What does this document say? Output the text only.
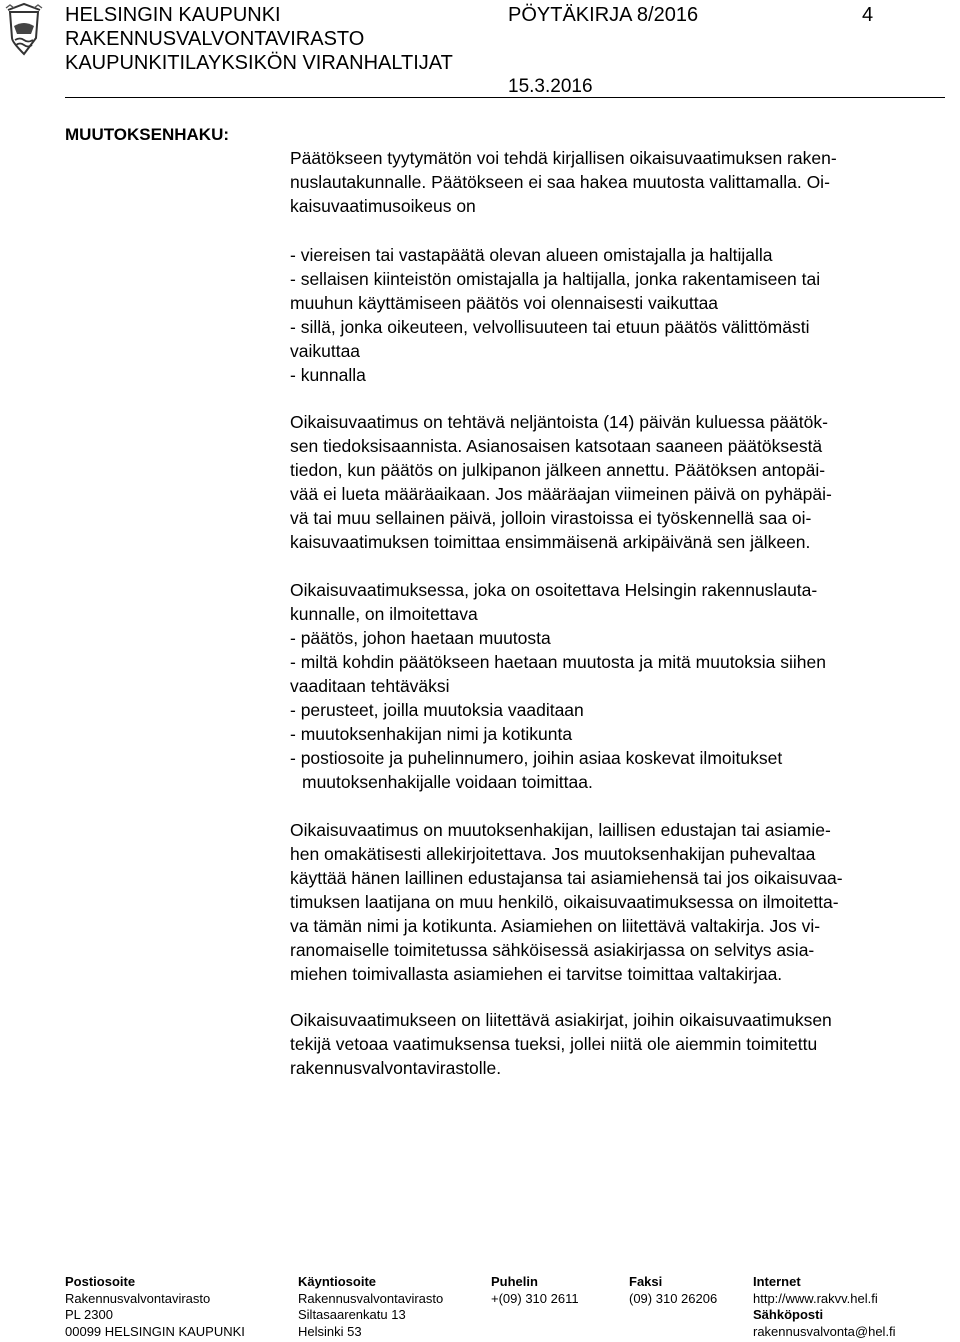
HELSINGIN KAUPUNKI
RAKENNUSVALVONTAVIRASTO
KAUPUNKITILAYKSIKÖN VIRANHALTIJAT
PÖYTÄKIRJA 8/2016	4
15.3.2016
MUUTOKSENHAKU:
Päätökseen tyytymätön voi tehdä kirjallisen oikaisuvaatimuksen raken-
nuslautakunnalle. Päätökseen ei saa hakea muutosta valittamalla. Oi-
kaisuvaatimusoikeus on
- viereisen tai vastapäätä olevan alueen omistajalla ja haltijalla
- sellaisen kiinteistön omistajalla ja haltijalla, jonka rakentamiseen tai
muuhun käyttämiseen päätös voi olennaisesti vaikuttaa
- sillä, jonka oikeuteen, velvollisuuteen tai etuun päätös välittömästi
vaikuttaa
- kunnalla
Oikaisuvaatimus on tehtävä neljäntoista (14) päivän kuluessa päätök-
sen tiedoksisaannista. Asianosaisen katsotaan saaneen päätöksestä
tiedon, kun päätös on julkipanon jälkeen annettu. Päätöksen antopäi-
vää ei lueta määräaikaan. Jos määräajan viimeinen päivä on pyhäpäi-
vä tai muu sellainen päivä, jolloin virastoissa ei työskennellä saa oi-
kaisuvaatimuksen toimittaa ensimmäisenä arkipäivänä sen jälkeen.
Oikaisuvaatimuksessa, joka on osoitettava Helsingin rakennuslauta-
kunnalle, on ilmoitettava
- päätös, johon haetaan muutosta
- miltä kohdin päätökseen haetaan muutosta ja mitä muutoksia siihen
vaaditaan tehtäväksi
- perusteet, joilla muutoksia vaaditaan
- muutoksenhakijan nimi ja kotikunta
- postiosoite ja puhelinnumero, joihin asiaa koskevat ilmoitukset
muutoksenhakijalle voidaan toimittaa.
Oikaisuvaatimus on muutoksenhakijan, laillisen edustajan tai asiamie-
hen omakätisesti allekirjoitettava. Jos muutoksenhakijan puhevaltaa
käyttää hänen laillinen edustajansa tai asiamiehensä tai jos oikaisuvaa-
timuksen laatijana on muu henkilö, oikaisuvaatimuksessa on ilmoitetta-
va tämän nimi ja kotikunta. Asiamiehen on liitettävä valtakirja. Jos vi-
ranomaiselle toimitetussa sähköisessä asiakirjassa on selvitys asia-
miehen toimivallasta asiamiehen ei tarvitse toimittaa valtakirjaa.
Oikaisuvaatimukseen on liitettävä asiakirjat, joihin oikaisuvaatimuksen
tekijä vetoaa vaatimuksensa tueksi, jollei niitä ole aiemmin toimitettu
rakennusvalvontavirastolle.
Postiosoite
Rakennusvalvontavirasto
PL 2300
00099 HELSINGIN KAUPUNKI
Käyntiosoite
Rakennusvalvontavirasto
Siltasaarenkatu 13
Helsinki 53
Puhelin
+(09) 310 2611
Faksi
(09) 310 26206
Internet
http://www.rakvv.hel.fi
Sähköposti
rakennusvalvonta@hel.fi
